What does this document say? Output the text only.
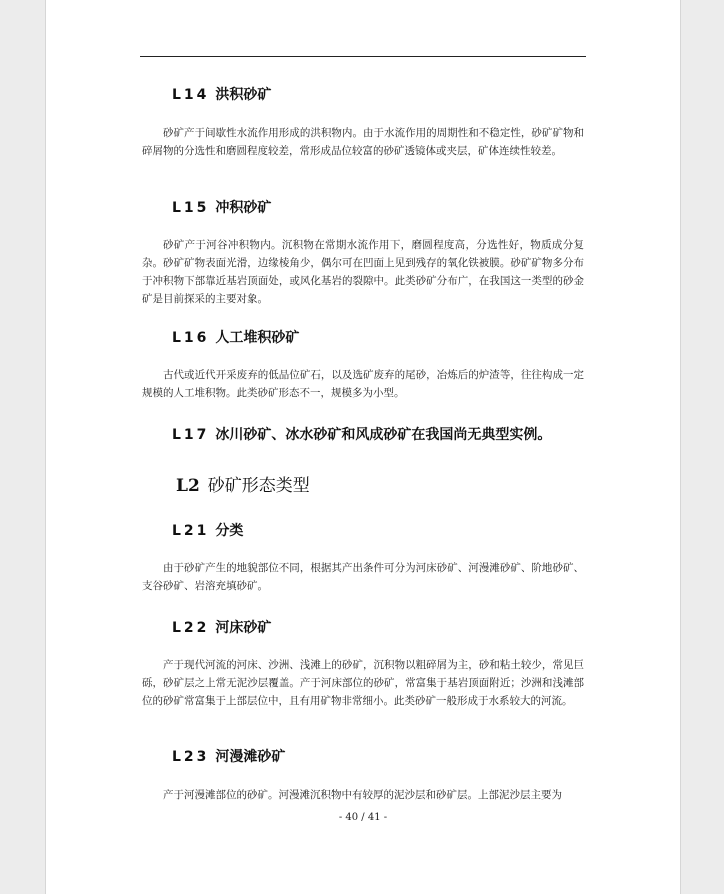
L14 洪积砂矿

砂矿产于间歇性水流作用形成的洪积物内。由于水流作用的周期性和不稳定性，砂矿矿物和碎屑物的分选性和磨圆程度较差，常形成品位较富的砂矿透镜体或夹层，矿体连续性较差。

L15 冲积砂矿

砂矿产于河谷冲积物内。沉积物在常期水流作用下，磨圆程度高，分选性好，物质成分复杂。砂矿矿物表面光滑，边缘棱角少，偶尔可在凹面上见到残存的氧化铁被膜。砂矿矿物多分布于冲积物下部靠近基岩顶面处，或风化基岩的裂隙中。此类砂矿分布广，在我国这一类型的砂金矿是目前探采的主要对象。

L16 人工堆积砂矿

古代或近代开采废弃的低品位矿石，以及选矿废弃的尾砂，冶炼后的炉渣等，往往构成一定规模的人工堆积物。此类砂矿形态不一，规模多为小型。

L17 冰川砂矿、冰水砂矿和风成砂矿在我国尚无典型实例。
L2 砂矿形态类型
L21 分类

由于砂矿产生的地貌部位不同，根据其产出条件可分为河床砂矿、河漫滩砂矿、阶地砂矿、支谷砂矿、岩溶充填砂矿。

L22 河床砂矿

产于现代河流的河床、沙洲、浅滩上的砂矿，沉积物以粗碎屑为主，砂和粘土较少，常见巨砾，砂矿层之上常无泥沙层覆盖。产于河床部位的砂矿，常富集于基岩顶面附近；沙洲和浅滩部位的砂矿常富集于上部层位中，且有用矿物非常细小。此类砂矿一般形成于水系较大的河流。

L23 河漫滩砂矿

产于河漫滩部位的砂矿。河漫滩沉积物中有较厚的泥沙层和砂矿层。上部泥沙层主要为

- 40 / 41 -
